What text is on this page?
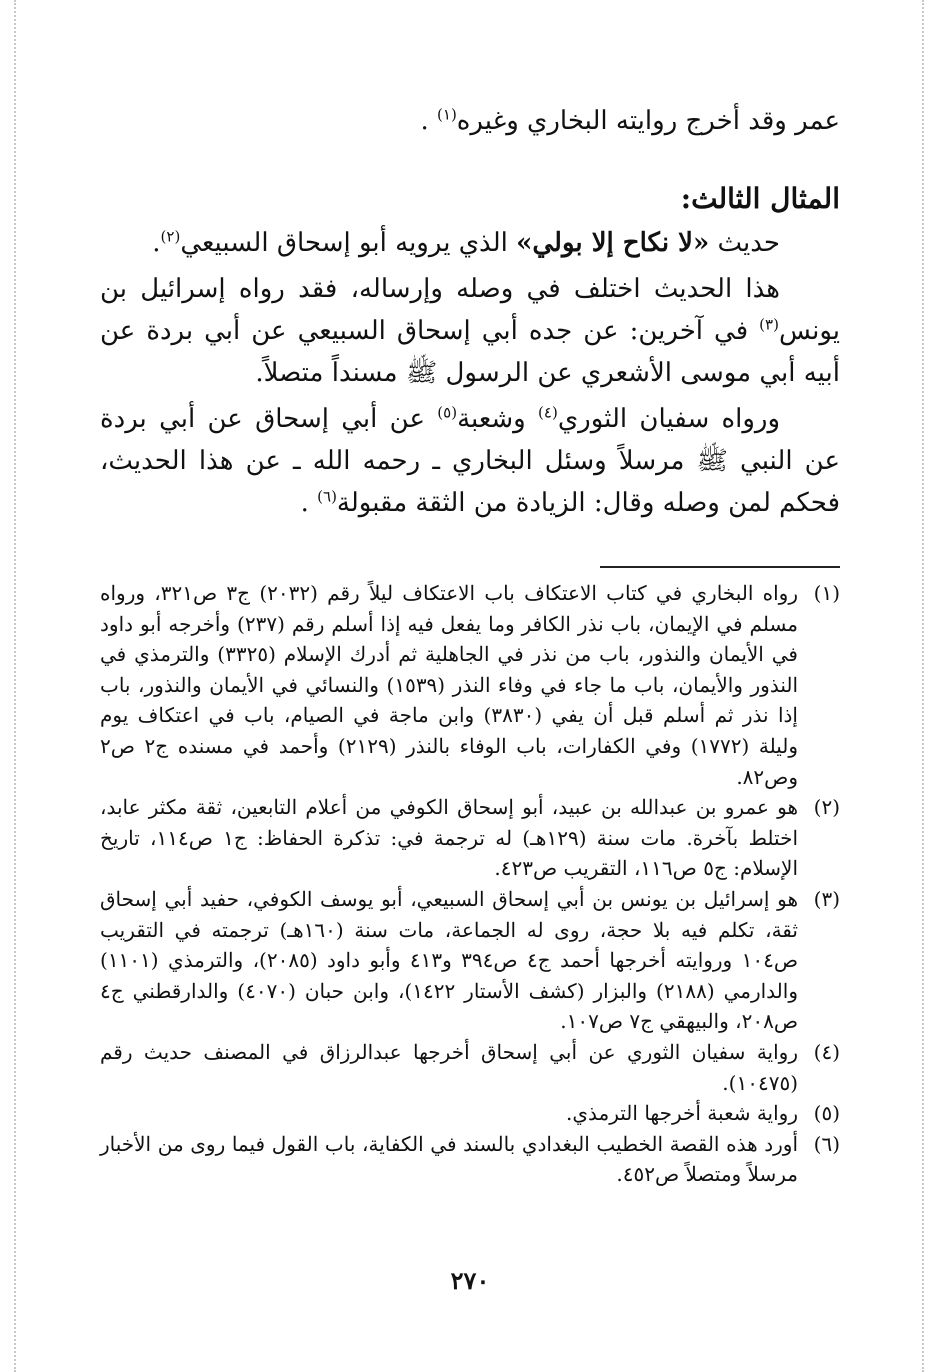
عمر وقد أخرج روايته البخاري وغيره$^{(١)}$ .

المثال الثالث:

حديث «لا نكاح إلا بولي» الذي يرويه أبو إسحاق السبيعي$^{(٢)}$.

هذا الحديث اختلف في وصله وإرساله، فقد رواه إسرائيل بن يونس$^{(٣)}$ في آخرين: عن جده أبي إسحاق السبيعي عن أبي بردة عن أبيه أبي موسى الأشعري عن الرسول ﷺ مسنداً متصلاً.

ورواه سفيان الثوري$^{(٤)}$ وشعبة$^{(٥)}$ عن أبي إسحاق عن أبي بردة عن النبي ﷺ مرسلاً وسئل البخاري ـ رحمه الله ـ عن هذا الحديث، فحكم لمن وصله وقال: الزيادة من الثقة مقبولة$^{(٦)}$ .

(١)
رواه البخاري في كتاب الاعتكاف باب الاعتكاف ليلاً رقم (٢٠٣٢) ج٣ ص٣٢١، ورواه مسلم في الإيمان، باب نذر الكافر وما يفعل فيه إذا أسلم رقم (٢٣٧) وأخرجه أبو داود في الأيمان والنذور، باب من نذر في الجاهلية ثم أدرك الإسلام (٣٣٢٥) والترمذي في النذور والأيمان، باب ما جاء في وفاء النذر (١٥٣٩) والنسائي في الأيمان والنذور، باب إذا نذر ثم أسلم قبل أن يفي (٣٨٣٠) وابن ماجة في الصيام، باب في اعتكاف يوم وليلة (١٧٧٢) وفي الكفارات، باب الوفاء بالنذر (٢١٢٩) وأحمد في مسنده ج٢ ص٢ وص٨٢.
(٢)
هو عمرو بن عبدالله بن عبيد، أبو إسحاق الكوفي من أعلام التابعين، ثقة مكثر عابد، اختلط بآخرة. مات سنة (١٢٩هـ) له ترجمة في: تذكرة الحفاظ: ج١ ص١١٤، تاريخ الإسلام: ج٥ ص١١٦، التقريب ص٤٢٣.
(٣)
هو إسرائيل بن يونس بن أبي إسحاق السبيعي، أبو يوسف الكوفي، حفيد أبي إسحاق ثقة، تكلم فيه بلا حجة، روى له الجماعة، مات سنة (١٦٠هـ) ترجمته في التقريب ص١٠٤ وروايته أخرجها أحمد ج٤ ص٣٩٤ و٤١٣ وأبو داود (٢٠٨٥)، والترمذي (١١٠١) والدارمي (٢١٨٨) والبزار (كشف الأستار ١٤٢٢)، وابن حبان (٤٠٧٠) والدارقطني ج٤ ص٢٠٨، والبيهقي ج٧ ص١٠٧.
(٤)
رواية سفيان الثوري عن أبي إسحاق أخرجها عبدالرزاق في المصنف حديث رقم (١٠٤٧٥).
(٥)
رواية شعبة أخرجها الترمذي.
(٦)
أورد هذه القصة الخطيب البغدادي بالسند في الكفاية، باب القول فيما روى من الأخبار مرسلاً ومتصلاً ص٤٥٢.
٢٧٠
